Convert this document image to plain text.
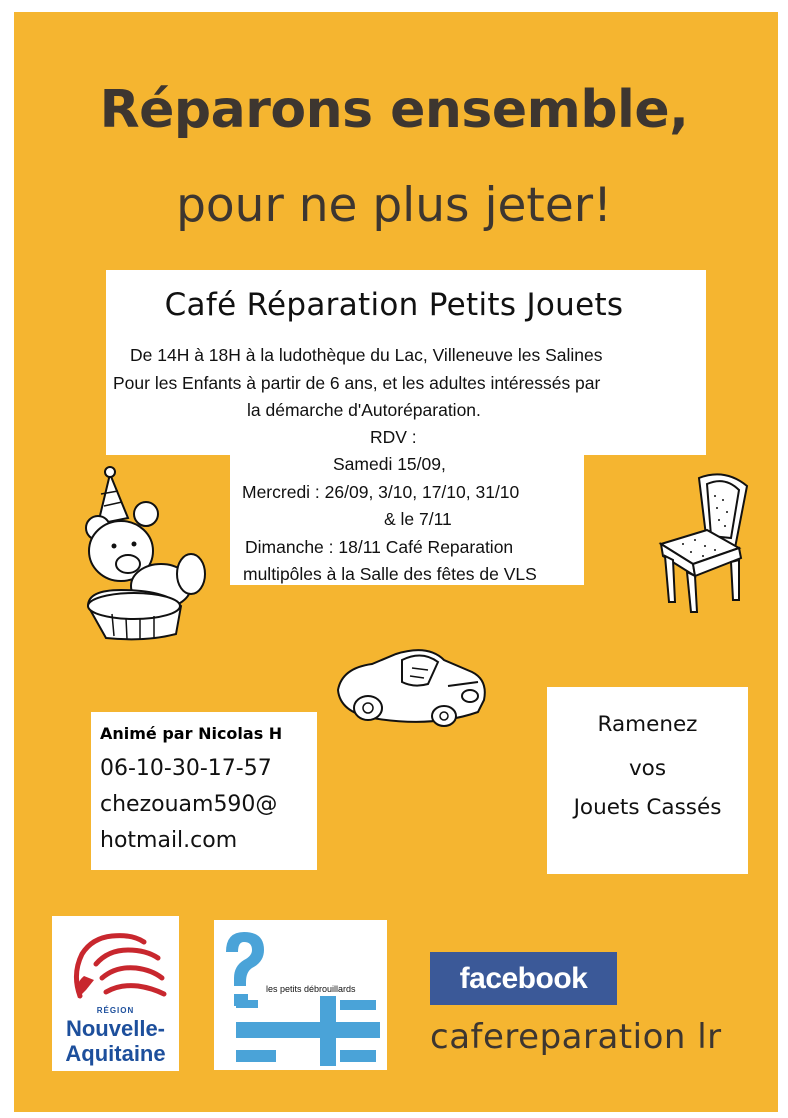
Réparons ensemble,
pour ne plus jeter!
Café Réparation Petits Jouets
De 14H à 18H à la ludothèque du Lac, Villeneuve les Salines
Pour les Enfants à partir de 6 ans, et les adultes intéressés par
la démarche d'Autoréparation.
RDV :
Samedi 15/09,
Mercredi : 26/09, 3/10, 17/10, 31/10
& le 7/11
Dimanche : 18/11 Café Reparation
multipôles à la Salle des fêtes de VLS
Animé par Nicolas H
06-10-30-17-57
chezouam590@
hotmail.com
Ramenez
vos
Jouets Cassés
RÉGION
Nouvelle-
Aquitaine
les petits débrouillards	facebook
cafereparation lr
